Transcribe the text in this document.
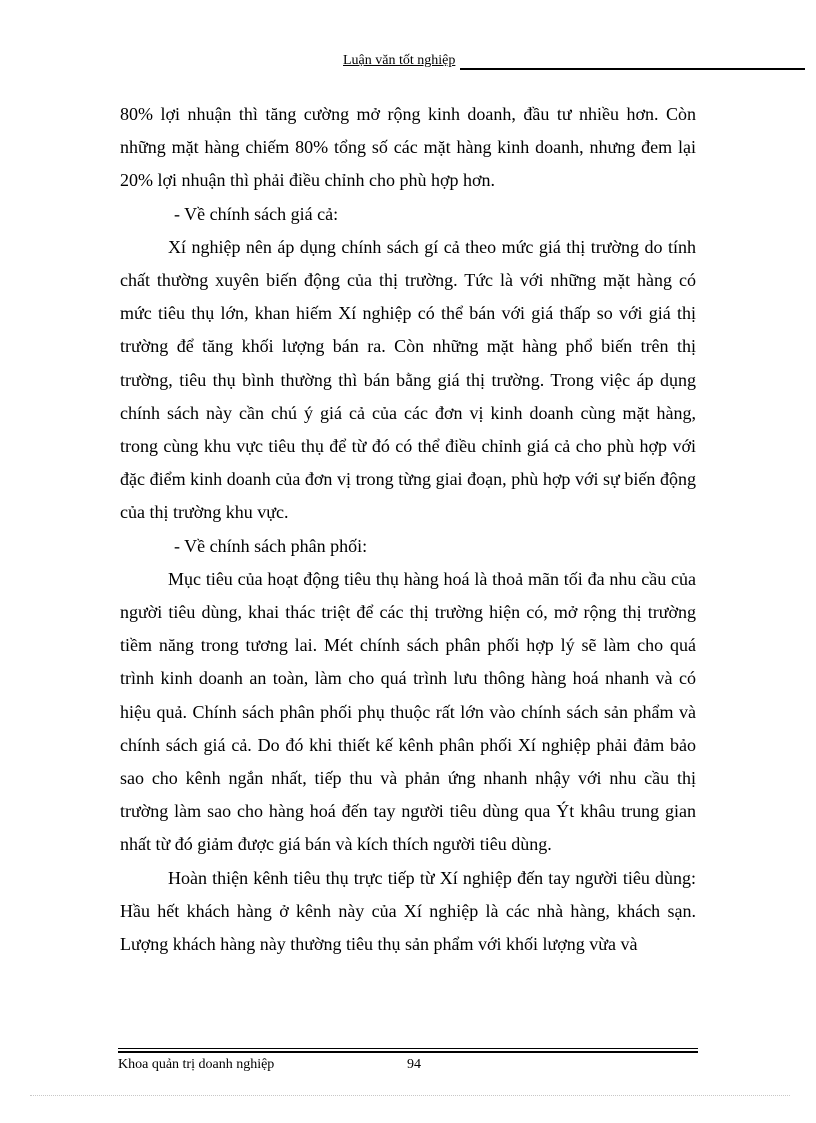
Luận văn tốt nghiệp

80% lợi nhuận thì tăng cường mở rộng kinh doanh, đầu tư nhiều hơn. Còn những mặt hàng chiếm 80% tổng số các mặt hàng kinh doanh, nhưng đem lại 20% lợi nhuận thì phải điều chỉnh cho phù hợp hơn.

- Về chính sách giá cả:

Xí nghiệp nên áp dụng chính sách gí cả theo mức giá thị trường do tính chất thường xuyên biến động của thị trường. Tức là với những mặt hàng có mức tiêu thụ lớn, khan hiếm Xí nghiệp có thể bán với giá thấp so với giá thị trường để tăng khối lượng bán ra. Còn những mặt hàng phổ biến trên thị trường, tiêu thụ bình thường thì bán bằng giá thị trường. Trong việc áp dụng chính sách này cần chú ý giá cả của các đơn vị kinh doanh cùng mặt hàng, trong cùng khu vực tiêu thụ để từ đó có thể điều chỉnh giá cả cho phù hợp với đặc điểm kinh doanh của đơn vị trong từng giai đoạn, phù hợp với sự biến động của thị trường khu vực.

- Về chính sách phân phối:

Mục tiêu của hoạt động tiêu thụ hàng hoá là thoả mãn tối đa nhu cầu của người tiêu dùng, khai thác triệt để các thị trường hiện có, mở rộng thị trường tiềm năng trong tương lai. Mét chính sách phân phối hợp lý sẽ làm cho quá trình kinh doanh an toàn, làm cho quá trình lưu thông hàng hoá nhanh và có hiệu quả. Chính sách phân phối phụ thuộc rất lớn vào chính sách sản phẩm và chính sách giá cả. Do đó khi thiết kế kênh phân phối Xí nghiệp phải đảm bảo sao cho kênh ngắn nhất, tiếp thu và phản ứng nhanh nhậy với nhu cầu thị trường làm sao cho hàng hoá đến tay người tiêu dùng qua Ýt khâu trung gian nhất từ đó giảm được giá bán và kích thích người tiêu dùng.

Hoàn thiện kênh tiêu thụ trực tiếp từ Xí nghiệp đến tay người tiêu dùng: Hầu hết khách hàng ở kênh này của Xí nghiệp là các nhà hàng, khách sạn. Lượng khách hàng này thường tiêu thụ sản phẩm với khối lượng vừa và

Khoa quản trị doanh nghiệp	94
